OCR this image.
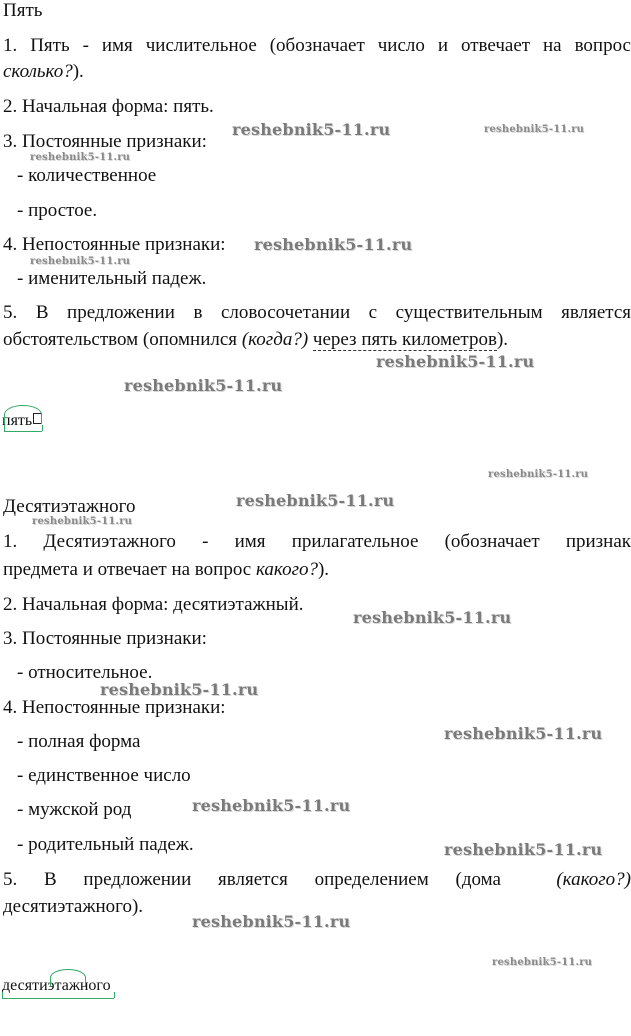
Пять
1. Пять - имя числительное (обозначает число и отвечает на вопрос
сколько?).
2. Начальная форма: пять.
3. Постоянные признаки:
- количественное
- простое.
4. Непостоянные признаки:
- именительный падеж.
5. В предложении в словосочетании с существительным является
обстоятельством (опомнился (когда?) через пять километров).
пять
Десятиэтажного
1. Десятиэтажного - имя прилагательное (обозначает признак
предмета и отвечает на вопрос какого?).
2. Начальная форма: десятиэтажный.
3. Постоянные признаки:
- относительное.
4. Непостоянные признаки:
- полная форма
- единственное число
- мужской род
- родительный падеж.
5. В предложении является определением (дома	(какого?)
десятиэтажного).
десятиэтажного
reshebnik5-11.ru	reshebnik5-11.ru
reshebnik5-11.ru
reshebnik5-11.ru
reshebnik5-11.ru
reshebnik5-11.ru
reshebnik5-11.ru
reshebnik5-11.ru
reshebnik5-11.ru
reshebnik5-11.ru
reshebnik5-11.ru
reshebnik5-11.ru
reshebnik5-11.ru
reshebnik5-11.ru
reshebnik5-11.ru
reshebnik5-11.ru
reshebnik5-11.ru
